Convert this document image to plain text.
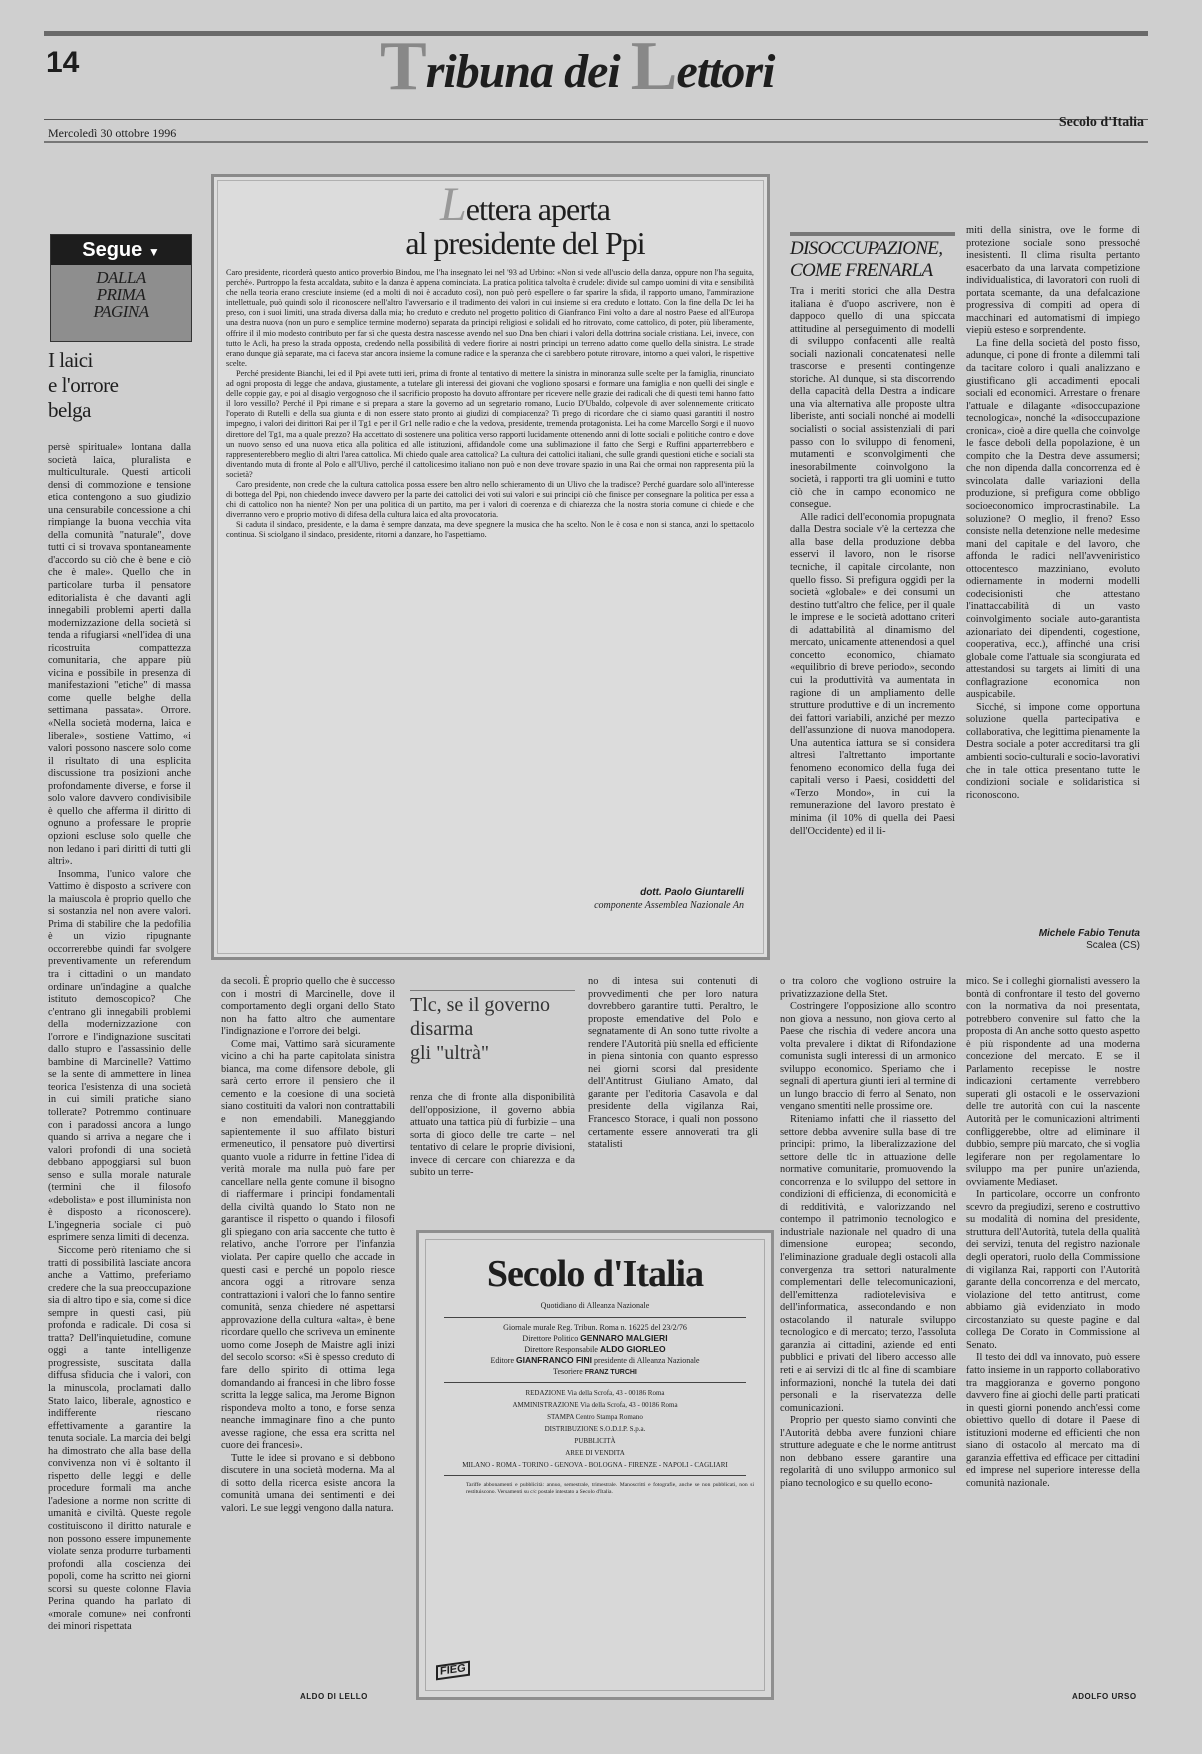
14	Tribuna dei Lettori
Mercoledì 30 ottobre 1996
Secolo d'Italia
Segue ▼
DALLA
PRIMA
PAGINA
I laici
e l'orrore
belga

persè spirituale» lontana dalla società laica, pluralista e multiculturale. Questi articoli densi di commozione e tensione etica contengono a suo giudizio una censurabile concessione a chi rimpiange la buona vecchia vita della comunità "naturale", dove tutti ci si trovava spontaneamente d'accordo su ciò che è bene e ciò che è male». Quello che in particolare turba il pensatore editorialista è che davanti agli innegabili problemi aperti dalla modernizzazione della società si tenda a rifugiarsi «nell'idea di una ricostruita compattezza comunitaria, che appare più vicina e possibile in presenza di manifestazioni "etiche" di massa come quelle belghe della settimana passata». Orrore. «Nella società moderna, laica e liberale», sostiene Vattimo, «i valori possono nascere solo come il risultato di una esplicita discussione tra posizioni anche profondamente diverse, e forse il solo valore davvero condivisibile è quello che afferma il diritto di ognuno a professare le proprie opzioni escluse solo quelle che non ledano i pari diritti di tutti gli altri».

Insomma, l'unico valore che Vattimo è disposto a scrivere con la maiuscola è proprio quello che si sostanzia nel non avere valori. Prima di stabilire che la pedofilia è un vizio ripugnante occorrerebbe quindi far svolgere preventivamente un referendum tra i cittadini o un mandato ordinare un'indagine a qualche istituto demoscopico? Che c'entrano gli innegabili problemi della modernizzazione con l'orrore e l'indignazione suscitati dallo stupro e l'assassinio delle bambine di Marcinelle? Vattimo se la sente di ammettere in linea teorica l'esistenza di una società in cui simili pratiche siano tollerate? Potremmo continuare con i paradossi ancora a lungo quando si arriva a negare che i valori profondi di una società debbano appoggiarsi sul buon senso e sulla morale naturale (termini che il filosofo «debolista» e post illuminista non è disposto a riconoscere). L'ingegneria sociale ci può esprimere senza limiti di decenza.

Siccome però riteniamo che si tratti di possibilità lasciate ancora anche a Vattimo, preferiamo credere che la sua preoccupazione sia di altro tipo e sia, come si dice sempre in questi casi, più profonda e radicale. Di cosa si tratta? Dell'inquietudine, comune oggi a tante intelligenze progressiste, suscitata dalla diffusa sfiducia che i valori, con la minuscola, proclamati dallo Stato laico, liberale, agnostico e indifferente riescano effettivamente a garantire la tenuta sociale. La marcia dei belgi ha dimostrato che alla base della convivenza non vi è soltanto il rispetto delle leggi e delle procedure formali ma anche l'adesione a norme non scritte di umanità e civiltà. Queste regole costituiscono il diritto naturale e non possono essere impunemente violate senza produrre turbamenti profondi alla coscienza dei popoli, come ha scritto nei giorni scorsi su queste colonne Flavia Perina quando ha parlato di «morale comune» nei confronti dei minori rispettata

Lettera aperta
al presidente del Ppi

Caro presidente, ricorderà questo antico proverbio Bindou, me l'ha insegnato lei nel '93 ad Urbino: «Non si vede all'uscio della danza, oppure non l'ha seguita, perché». Purtroppo la festa accaldata, subito e la danza è appena cominciata. La pratica politica talvolta è crudele: divide sul campo uomini di vita e sensibilità che nella teoria erano cresciute insieme (ed a molti di noi è accaduto così), non può però espellere o far sparire la sfida, il rapporto umano, l'ammirazione intellettuale, può quindi solo il riconoscere nell'altro l'avversario e il tradimento dei valori in cui insieme si era creduto e lottato. Con la fine della Dc lei ha preso, con i suoi limiti, una strada diversa dalla mia; ho creduto e creduto nel progetto politico di Gianfranco Fini volto a dare al nostro Paese ed all'Europa una destra nuova (non un puro e semplice termine moderno) separata da principi religiosi e solidali ed ho ritrovato, come cattolico, di poter, più liberamente, offrire il il mio modesto contributo per far sì che questa destra nascesse avendo nel suo Dna ben chiari i valori della dottrina sociale cristiana. Lei, invece, con tutto le Acli, ha preso la strada opposta, credendo nella possibilità di vedere fiorire ai nostri principi un terreno adatto come quello della sinistra. Le strade erano dunque già separate, ma ci faceva star ancora insieme la comune radice e la speranza che ci sarebbero potute ritrovare, intorno a quei valori, le rispettive scelte.

Perché presidente Bianchi, lei ed il Ppi avete tutti ieri, prima di fronte al tentativo di mettere la sinistra in minoranza sulle scelte per la famiglia, rinunciato ad ogni proposta di legge che andava, giustamente, a tutelare gli interessi dei giovani che vogliono sposarsi e formare una famiglia e non quelli dei single e delle coppie gay, e poi al disagio vergognoso che il sacrificio proposto ha dovuto affrontare per ricevere nelle grazie dei radicali che di questi temi hanno fatto il loro vessillo? Perché il Ppi rimane e si prepara a stare la governo ad un segretario romano, Lucio D'Ubaldo, colpevole di aver solennemente criticato l'operato di Rutelli e della sua giunta e di non essere stato pronto ai giudizi di compiacenza? Ti prego di ricordare che ci siamo quasi garantiti il nostro impegno, i valori dei dirittori Rai per il Tg1 e per il Gr1 nelle radio e che la vedova, presidente, tremenda protagonista. Lei ha come Marcello Sorgi e il nuovo direttore del Tg1, ma a quale prezzo? Ha accettato di sostenere una politica verso rapporti lucidamente ottenendo anni di lotte sociali e politiche contro e dove un nuovo senso ed una nuova etica alla politica ed alle istituzioni, affidandole come una sublimazione il fatto che Sergi e Ruffini apparterrebbero e rappresenterebbero meglio di altri l'area cattolica. Mi chiedo quale area cattolica? La cultura dei cattolici italiani, che sulle grandi questioni etiche e sociali sta diventando muta di fronte al Polo e all'Ulivo, perché il cattolicesimo italiano non può e non deve trovare spazio in una Rai che ormai non rappresenta più la società?

Caro presidente, non crede che la cultura cattolica possa essere ben altro nello schieramento di un Ulivo che la tradisce? Perché guardare solo all'interesse di bottega del Ppi, non chiedendo invece davvero per la parte dei cattolici dei voti sui valori e sui principi ciò che finisce per consegnare la politica per essa a chi di cattolico non ha niente? Non per una politica di un partito, ma per i valori di coerenza e di chiarezza che la nostra storia comune ci chiede e che diverranno vero e proprio motivo di difesa della cultura laica ed alta provocatoria.

Si caduta il sindaco, presidente, e la dama è sempre danzata, ma deve spegnere la musica che ha scelto. Non le è cosa e non si stanca, anzi lo spettacolo continua. Si sciolgano il sindaco, presidente, ritorni a danzare, ho l'aspettiamo.

dott. Paolo Giuntarelli
componente Assemblea Nazionale An
DISOCCUPAZIONE,
COME FRENARLA

Tra i meriti storici che alla Destra italiana è d'uopo ascrivere, non è dappoco quello di una spiccata attitudine al perseguimento di modelli di sviluppo confacenti alle realtà sociali nazionali concatenatesi nelle trascorse e presenti contingenze storiche. Al dunque, si sta discorrendo della capacità della Destra a indicare una via alternativa alle proposte ultra liberiste, anti sociali nonché ai modelli socialisti o social assistenziali di pari passo con lo sviluppo di fenomeni, mutamenti e sconvolgimenti che inesorabilmente coinvolgono la società, i rapporti tra gli uomini e tutto ciò che in campo economico ne consegue.

Alle radici dell'economia propugnata dalla Destra sociale v'è la certezza che alla base della produzione debba esservi il lavoro, non le risorse tecniche, il capitale circolante, non quello fisso. Si prefigura oggidì per la società «globale» e dei consumi un destino tutt'altro che felice, per il quale le imprese e le società adottano criteri di adattabilità al dinamismo del mercato, unicamente attenendosi a quel concetto economico, chiamato «equilibrio di breve periodo», secondo cui la produttività va aumentata in ragione di un ampliamento delle strutture produttive e di un incremento dei fattori variabili, anziché per mezzo dell'assunzione di nuova manodopera. Una autentica iattura se si considera altresì l'altrettanto importante fenomeno economico della fuga dei capitali verso i Paesi, cosiddetti del «Terzo Mondo», in cui la remunerazione del lavoro prestato è minima (il 10% di quella dei Paesi dell'Occidente) ed il li-

miti della sinistra, ove le forme di protezione sociale sono pressoché inesistenti. Il clima risulta pertanto esacerbato da una larvata competizione individualistica, di lavoratori con ruoli di portata scemante, da una defalcazione progressiva di compiti ad opera di macchinari ed automatismi di impiego viepiù esteso e sorprendente.

La fine della società del posto fisso, adunque, ci pone di fronte a dilemmi tali da tacitare coloro i quali analizzano e giustificano gli accadimenti epocali sociali ed economici. Arrestare o frenare l'attuale e dilagante «disoccupazione tecnologica», nonché la «disoccupazione cronica», cioè a dire quella che coinvolge le fasce deboli della popolazione, è un compito che la Destra deve assumersi; che non dipenda dalla concorrenza ed è svincolata dalle variazioni della produzione, si prefigura come obbligo socioeconomico improcrastinabile. La soluzione? O meglio, il freno? Esso consiste nella detenzione nelle medesime mani del capitale e del lavoro, che affonda le radici nell'avveniristico ottocentesco mazziniano, evoluto odiernamente in moderni modelli codecisionisti che attestano l'inattaccabilità di un vasto coinvolgimento sociale auto-garantista azionariato dei dipendenti, cogestione, cooperativa, ecc.), affinché una crisi globale come l'attuale sia scongiurata ed attestandosi su targets ai limiti di una conflagrazione economica non auspicabile.

Sicché, si impone come opportuna soluzione quella partecipativa e collaborativa, che legittima pienamente la Destra sociale a poter accreditarsi tra gli ambienti socio-culturali e socio-lavorativi che in tale ottica presentano tutte le condizioni sociale e solidaristica si riconoscono.

Michele Fabio Tenuta
Scalea (CS)

da secoli. È proprio quello che è successo con i mostri di Marcinelle, dove il comportamento degli organi dello Stato non ha fatto altro che aumentare l'indignazione e l'orrore dei belgi.

Come mai, Vattimo sarà sicuramente vicino a chi ha parte capitolata sinistra bianca, ma come difensore debole, gli sarà certo errore il pensiero che il cemento e la coesione di una società siano costituiti da valori non contrattabili e non emendabili. Maneggiando sapientemente il suo affilato bisturi ermeneutico, il pensatore può divertirsi quanto vuole a ridurre in fettine l'idea di verità morale ma nulla può fare per cancellare nella gente comune il bisogno di riaffermare i principi fondamentali della civiltà quando lo Stato non ne garantisce il rispetto o quando i filosofi gli spiegano con aria saccente che tutto è relativo, anche l'orrore per l'infanzia violata. Per capire quello che accade in questi casi e perché un popolo riesce ancora oggi a ritrovare senza contrattazioni i valori che lo fanno sentire comunità, senza chiedere né aspettarsi approvazione della cultura «alta», è bene ricordare quello che scriveva un eminente uomo come Joseph de Maistre agli inizi del secolo scorso: «Si è spesso creduto di fare dello spirito di ottima lega domandando ai francesi in che libro fosse scritta la legge salica, ma Jerome Bignon rispondeva molto a tono, e forse senza neanche immaginare fino a che punto avesse ragione, che essa era scritta nel cuore dei francesi».

Tutte le idee si provano e si debbono discutere in una società moderna. Ma al di sotto della ricerca esiste ancora la comunità umana dei sentimenti e dei valori. Le sue leggi vengono dalla natura.

ALDO DI LELLO
Tlc, se il governo
disarma
gli "ultrà"

renza che di fronte alla disponibilità dell'opposizione, il governo abbia attuato una tattica più di furbizie – una sorta di gioco delle tre carte – nel tentativo di celare le proprie divisioni, invece di cercare con chiarezza e da subito un terre-

no di intesa sui contenuti di provvedimenti che per loro natura dovrebbero garantire tutti. Peraltro, le proposte emendative del Polo e segnatamente di An sono tutte rivolte a rendere l'Autorità più snella ed efficiente in piena sintonia con quanto espresso nei giorni scorsi dal presidente dell'Antitrust Giuliano Amato, dal garante per l'editoria Casavola e dal presidente della vigilanza Rai, Francesco Storace, i quali non possono certamente essere annoverati tra gli statalisti

o tra coloro che vogliono ostruire la privatizzazione della Stet.

Costringere l'opposizione allo scontro non giova a nessuno, non giova certo al Paese che rischia di vedere ancora una volta prevalere i diktat di Rifondazione comunista sugli interessi di un armonico sviluppo economico. Speriamo che i segnali di apertura giunti ieri al termine di un lungo braccio di ferro al Senato, non vengano smentiti nelle prossime ore.

Riteniamo infatti che il riassetto del settore debba avvenire sulla base di tre principi: primo, la liberalizzazione del settore delle tlc in attuazione delle normative comunitarie, promuovendo la concorrenza e lo sviluppo del settore in condizioni di efficienza, di economicità e di redditività, e valorizzando nel contempo il patrimonio tecnologico e industriale nazionale nel quadro di una dimensione europea; secondo, l'eliminazione graduale degli ostacoli alla convergenza tra settori naturalmente complementari delle telecomunicazioni, dell'emittenza radiotelevisiva e dell'informatica, assecondando e non ostacolando il naturale sviluppo tecnologico e di mercato; terzo, l'assoluta garanzia ai cittadini, aziende ed enti pubblici e privati del libero accesso alle reti e ai servizi di tlc al fine di scambiare informazioni, nonché la tutela dei dati personali e la riservatezza delle comunicazioni.

Proprio per questo siamo convinti che l'Autorità debba avere funzioni chiare strutture adeguate e che le norme antitrust non debbano essere garantire una regolarità di uno sviluppo armonico sul piano tecnologico e su quello econo-

mico. Se i colleghi giornalisti avessero la bontà di confrontare il testo del governo con la normativa da noi presentata, potrebbero convenire sul fatto che la proposta di An anche sotto questo aspetto è più rispondente ad una moderna concezione del mercato. E se il Parlamento recepisse le nostre indicazioni certamente verrebbero superati gli ostacoli e le osservazioni delle tre autorità con cui la nascente Autorità per le comunicazioni altrimenti confliggerebbe, oltre ad eliminare il dubbio, sempre più marcato, che si voglia legiferare non per regolamentare lo sviluppo ma per punire un'azienda, ovviamente Mediaset.

In particolare, occorre un confronto scevro da pregiudizi, sereno e costruttivo su modalità di nomina del presidente, struttura dell'Autorità, tutela della qualità dei servizi, tenuta del registro nazionale degli operatori, ruolo della Commissione di vigilanza Rai, rapporti con l'Autorità garante della concorrenza e del mercato, violazione del tetto antitrust, come abbiamo già evidenziato in modo circostanziato su queste pagine e dal collega De Corato in Commissione al Senato.

Il testo dei ddl va innovato, può essere fatto insieme in un rapporto collaborativo tra maggioranza e governo pongono davvero fine ai giochi delle parti praticati in questi giorni ponendo anch'essi come obiettivo quello di dotare il Paese di istituzioni moderne ed efficienti che non siano di ostacolo al mercato ma di garanzia effettiva ed efficace per cittadini ed imprese nel superiore interesse della comunità nazionale.

ADOLFO URSO
Secolo d'Italia
Quotidiano di Alleanza Nazionale
Giornale murale Reg. Tribun. Roma n. 16225 del 23/2/76
Direttore Politico GENNARO MALGIERI
Direttore Responsabile ALDO GIORLEO
Editore GIANFRANCO FINI presidente di Alleanza Nazionale
Tesoriere FRANZ TURCHI
REDAZIONE Via della Scrofa, 43 - 00186 Roma
AMMINISTRAZIONE Via della Scrofa, 43 - 00186 Roma
STAMPA Centro Stampa Romano
DISTRIBUZIONE S.O.D.I.P. S.p.a.
PUBBLICITÀ
AREE DI VENDITA
MILANO - ROMA - TORINO - GENOVA - BOLOGNA - FIRENZE - NAPOLI - CAGLIARI
Tariffe abbonamenti e pubblicità: annuo, semestrale, trimestrale. Manoscritti e fotografie, anche se non pubblicati, non si restituiscono. Versamenti su c/c postale intestato a Secolo d'Italia.
FIEG
